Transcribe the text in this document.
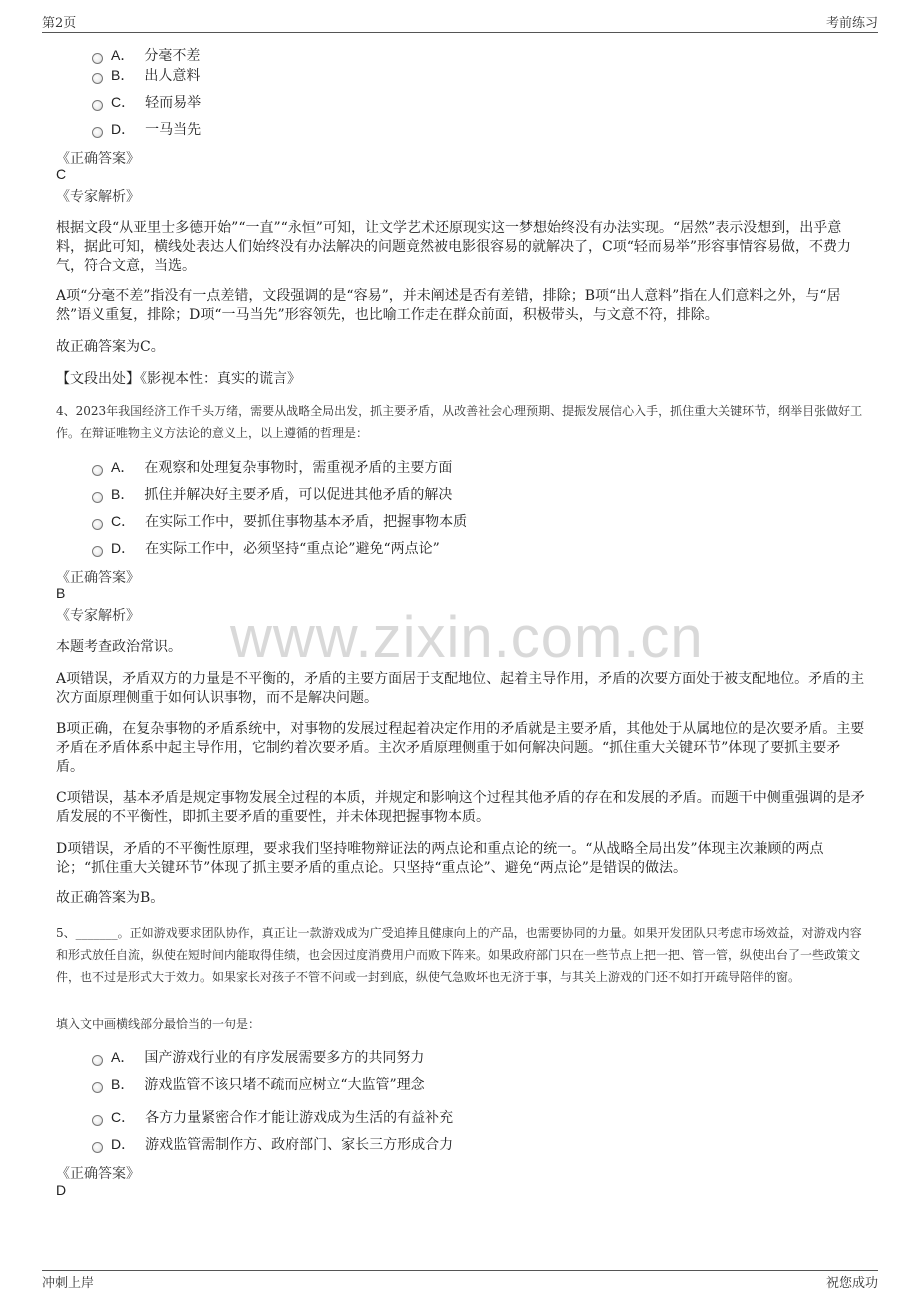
第2页	考前练习
A． 分毫不差
B． 出人意料
C． 轻而易举
D． 一马当先
《正确答案》
C
《专家解析》
根据文段“从亚里士多德开始”“一直”“永恒”可知，让文学艺术还原现实这一梦想始终没有办法实现。“居然”表示没想到，出乎意料，据此可知，横线处表达人们始终没有办法解决的问题竟然被电影很容易的就解决了，C项“轻而易举”形容事情容易做，不费力气，符合文意，当选。
A项“分毫不差”指没有一点差错，文段强调的是“容易”，并未阐述是否有差错，排除；B项“出人意料”指在人们意料之外，与“居然”语义重复，排除；D项“一马当先”形容领先，也比喻工作走在群众前面，积极带头，与文意不符，排除。
故正确答案为C。
【文段出处】《影视本性：真实的谎言》
4、2023年我国经济工作千头万绪，需要从战略全局出发，抓主要矛盾，从改善社会心理预期、提振发展信心入手，抓住重大关键环节，纲举目张做好工作。在辩证唯物主义方法论的意义上，以上遵循的哲理是：
A． 在观察和处理复杂事物时，需重视矛盾的主要方面
B． 抓住并解决好主要矛盾，可以促进其他矛盾的解决
C． 在实际工作中，要抓住事物基本矛盾，把握事物本质
D． 在实际工作中，必须坚持“重点论”避免“两点论”
《正确答案》
B
《专家解析》 www.zixin.com.cn
本题考查政治常识。
A项错误，矛盾双方的力量是不平衡的，矛盾的主要方面居于支配地位、起着主导作用，矛盾的次要方面处于被支配地位。矛盾的主次方面原理侧重于如何认识事物，而不是解决问题。
B项正确，在复杂事物的矛盾系统中，对事物的发展过程起着决定作用的矛盾就是主要矛盾，其他处于从属地位的是次要矛盾。主要矛盾在矛盾体系中起主导作用，它制约着次要矛盾。主次矛盾原理侧重于如何解决问题。“抓住重大关键环节”体现了要抓主要矛盾。
C项错误，基本矛盾是规定事物发展全过程的本质，并规定和影响这个过程其他矛盾的存在和发展的矛盾。而题干中侧重强调的是矛盾发展的不平衡性，即抓主要矛盾的重要性，并未体现把握事物本质。
D项错误，矛盾的不平衡性原理，要求我们坚持唯物辩证法的两点论和重点论的统一。“从战略全局出发”体现主次兼顾的两点论；“抓住重大关键环节”体现了抓主要矛盾的重点论。只坚持“重点论”、避免“两点论”是错误的做法。
故正确答案为B。
5、_______。正如游戏要求团队协作，真正让一款游戏成为广受追捧且健康向上的产品，也需要协同的力量。如果开发团队只考虑市场效益，对游戏内容和形式放任自流，纵使在短时间内能取得佳绩，也会因过度消费用户而败下阵来。如果政府部门只在一些节点上把一把、管一管，纵使出台了一些政策文件，也不过是形式大于效力。如果家长对孩子不管不问或一封到底，纵使气急败坏也无济于事，与其关上游戏的门还不如打开疏导陪伴的窗。
填入文中画横线部分最恰当的一句是：
A． 国产游戏行业的有序发展需要多方的共同努力
B． 游戏监管不该只堵不疏而应树立“大监管”理念
C． 各方力量紧密合作才能让游戏成为生活的有益补充
D． 游戏监管需制作方、政府部门、家长三方形成合力
《正确答案》
D
冲刺上岸	祝您成功
